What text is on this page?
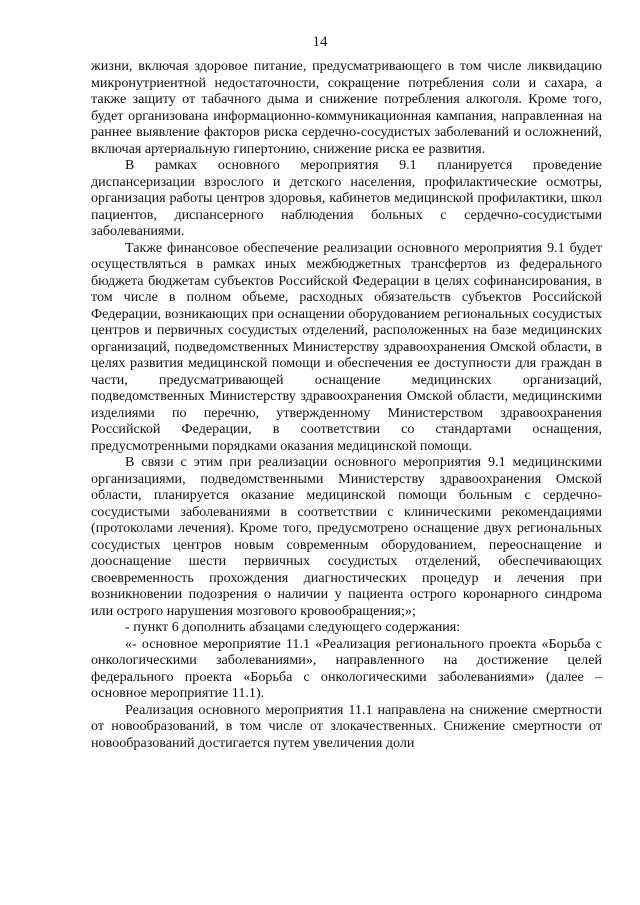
14

жизни, включая здоровое питание, предусматривающего в том числе ликвидацию микронутриентной недостаточности, сокращение потребления соли и сахара, а также защиту от табачного дыма и снижение потребления алкоголя. Кроме того, будет организована информационно-коммуникационная кампания, направленная на раннее выявление факторов риска сердечно-сосудистых заболеваний и осложнений, включая артериальную гипертонию, снижение риска ее развития.

В рамках основного мероприятия 9.1 планируется проведение диспансеризации взрослого и детского населения, профилактические осмотры, организация работы центров здоровья, кабинетов медицинской профилактики, школ пациентов, диспансерного наблюдения больных с сердечно-сосудистыми заболеваниями.

Также финансовое обеспечение реализации основного мероприятия 9.1 будет осуществляться в рамках иных межбюджетных трансфертов из федерального бюджета бюджетам субъектов Российской Федерации в целях софинансирования, в том числе в полном объеме, расходных обязательств субъектов Российской Федерации, возникающих при оснащении оборудованием региональных сосудистых центров и первичных сосудистых отделений, расположенных на базе медицинских организаций, подведомственных Министерству здравоохранения Омской области, в целях развития медицинской помощи и обеспечения ее доступности для граждан в части, предусматривающей оснащение медицинских организаций, подведомственных Министерству здравоохранения Омской области, медицинскими изделиями по перечню, утвержденному Министерством здравоохранения Российской Федерации, в соответствии со стандартами оснащения, предусмотренными порядками оказания медицинской помощи.

В связи с этим при реализации основного мероприятия 9.1 медицинскими организациями, подведомственными Министерству здравоохранения Омской области, планируется оказание медицинской помощи больным с сердечно-сосудистыми заболеваниями в соответствии с клиническими рекомендациями (протоколами лечения). Кроме того, предусмотрено оснащение двух региональных сосудистых центров новым современным оборудованием, переоснащение и дооснащение шести первичных сосудистых отделений, обеспечивающих своевременность прохождения диагностических процедур и лечения при возникновении подозрения о наличии у пациента острого коронарного синдрома или острого нарушения мозгового кровообращения;»;

- пункт 6 дополнить абзацами следующего содержания:

«- основное мероприятие 11.1 «Реализация регионального проекта «Борьба с онкологическими заболеваниями», направленного на достижение целей федерального проекта «Борьба с онкологическими заболеваниями» (далее – основное мероприятие 11.1).

Реализация основного мероприятия 11.1 направлена на снижение смертности от новообразований, в том числе от злокачественных. Снижение смертности от новообразований достигается путем увеличения доли
